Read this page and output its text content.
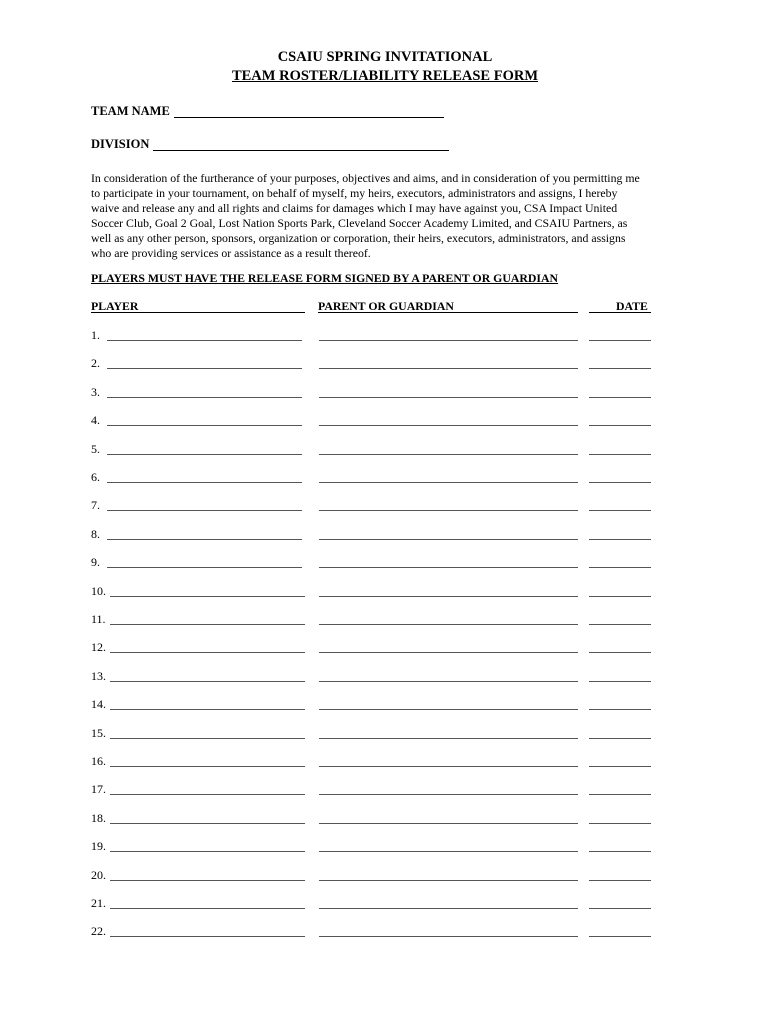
CSAIU SPRING INVITATIONAL
TEAM ROSTER/LIABILITY RELEASE FORM
TEAM NAME
DIVISION
In consideration of the furtherance of your purposes, objectives and aims, and in consideration of you permitting me
to participate in your tournament, on behalf of myself, my heirs, executors, administrators and assigns, I hereby
waive and release any and all rights and claims for damages which I may have against you, CSA Impact United
Soccer Club, Goal 2 Goal, Lost Nation Sports Park, Cleveland Soccer Academy Limited, and CSAIU Partners, as
well as any other person, sponsors, organization or corporation, their heirs, executors, administrators, and assigns
who are providing services or assistance as a result thereof.
PLAYERS MUST HAVE THE RELEASE FORM SIGNED BY A PARENT OR GUARDIAN
PLAYER	PARENT OR GUARDIAN	DATE
1.
2.
3.
4.
5.
6.
7.
8.
9.
10.
11.
12.
13.
14.
15.
16.
17.
18.
19.
20.
21.
22.
